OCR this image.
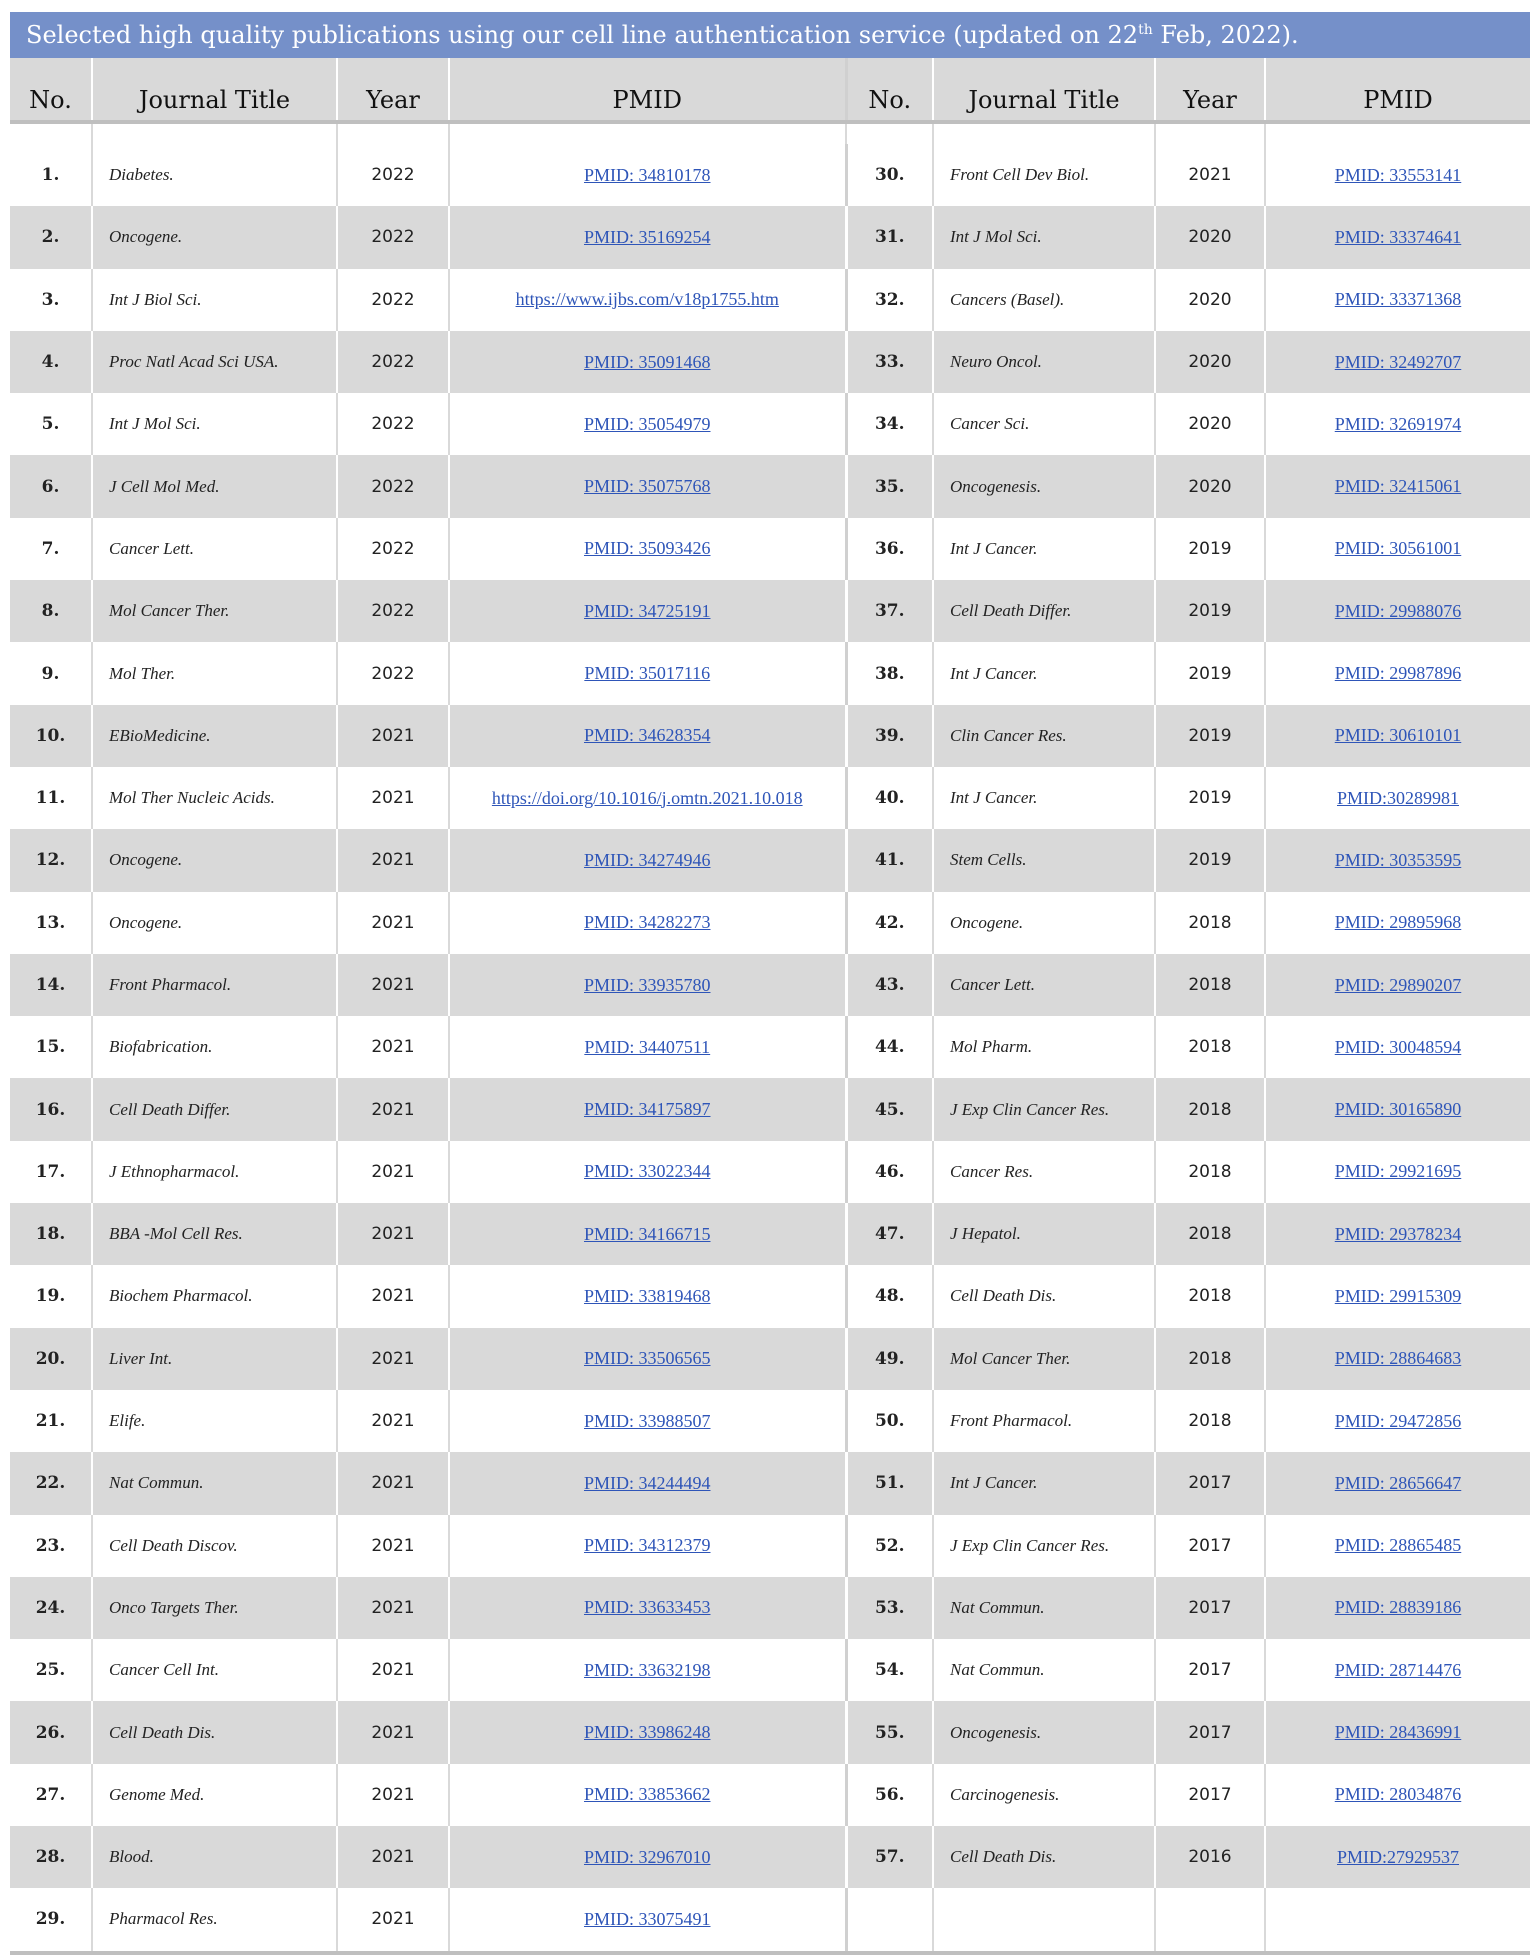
Selected high quality publications using our cell line authentication service (updated on 22th Feb, 2022).
No.	Journal Title	Year	PMID	No.	Journal Title	Year	PMID

1.	Diabetes.	2022	PMID: 34810178	30.	Front Cell Dev Biol.	2021	PMID: 33553141
2.	Oncogene.	2022	PMID: 35169254	31.	Int J Mol Sci.	2020	PMID: 33374641
3.	Int J Biol Sci.	2022	https://www.ijbs.com/v18p1755.htm	32.	Cancers (Basel).	2020	PMID: 33371368
4.	Proc Natl Acad Sci USA.	2022	PMID: 35091468	33.	Neuro Oncol.	2020	PMID: 32492707
5.	Int J Mol Sci.	2022	PMID: 35054979	34.	Cancer Sci.	2020	PMID: 32691974
6.	J Cell Mol Med.	2022	PMID: 35075768	35.	Oncogenesis.	2020	PMID: 32415061
7.	Cancer Lett.	2022	PMID: 35093426	36.	Int J Cancer.	2019	PMID: 30561001
8.	Mol Cancer Ther.	2022	PMID: 34725191	37.	Cell Death Differ.	2019	PMID: 29988076
9.	Mol Ther.	2022	PMID: 35017116	38.	Int J Cancer.	2019	PMID: 29987896
10.	EBioMedicine.	2021	PMID: 34628354	39.	Clin Cancer Res.	2019	PMID: 30610101
11.	Mol Ther Nucleic Acids.	2021	https://doi.org/10.1016/j.omtn.2021.10.018	40.	Int J Cancer.	2019	PMID:30289981
12.	Oncogene.	2021	PMID: 34274946	41.	Stem Cells.	2019	PMID: 30353595
13.	Oncogene.	2021	PMID: 34282273	42.	Oncogene.	2018	PMID: 29895968
14.	Front Pharmacol.	2021	PMID: 33935780	43.	Cancer Lett.	2018	PMID: 29890207
15.	Biofabrication.	2021	PMID: 34407511	44.	Mol Pharm.	2018	PMID: 30048594
16.	Cell Death Differ.	2021	PMID: 34175897	45.	J Exp Clin Cancer Res.	2018	PMID: 30165890
17.	J Ethnopharmacol.	2021	PMID: 33022344	46.	Cancer Res.	2018	PMID: 29921695
18.	BBA -Mol Cell Res.	2021	PMID: 34166715	47.	J Hepatol.	2018	PMID: 29378234
19.	Biochem Pharmacol.	2021	PMID: 33819468	48.	Cell Death Dis.	2018	PMID: 29915309
20.	Liver Int.	2021	PMID: 33506565	49.	Mol Cancer Ther.	2018	PMID: 28864683
21.	Elife.	2021	PMID: 33988507	50.	Front Pharmacol.	2018	PMID: 29472856
22.	Nat Commun.	2021	PMID: 34244494	51.	Int J Cancer.	2017	PMID: 28656647
23.	Cell Death Discov.	2021	PMID: 34312379	52.	J Exp Clin Cancer Res.	2017	PMID: 28865485
24.	Onco Targets Ther.	2021	PMID: 33633453	53.	Nat Commun.	2017	PMID: 28839186
25.	Cancer Cell Int.	2021	PMID: 33632198	54.	Nat Commun.	2017	PMID: 28714476
26.	Cell Death Dis.	2021	PMID: 33986248	55.	Oncogenesis.	2017	PMID: 28436991
27.	Genome Med.	2021	PMID: 33853662	56.	Carcinogenesis.	2017	PMID: 28034876
28.	Blood.	2021	PMID: 32967010	57.	Cell Death Dis.	2016	PMID:27929537
29.	Pharmacol Res.	2021	PMID: 33075491				
